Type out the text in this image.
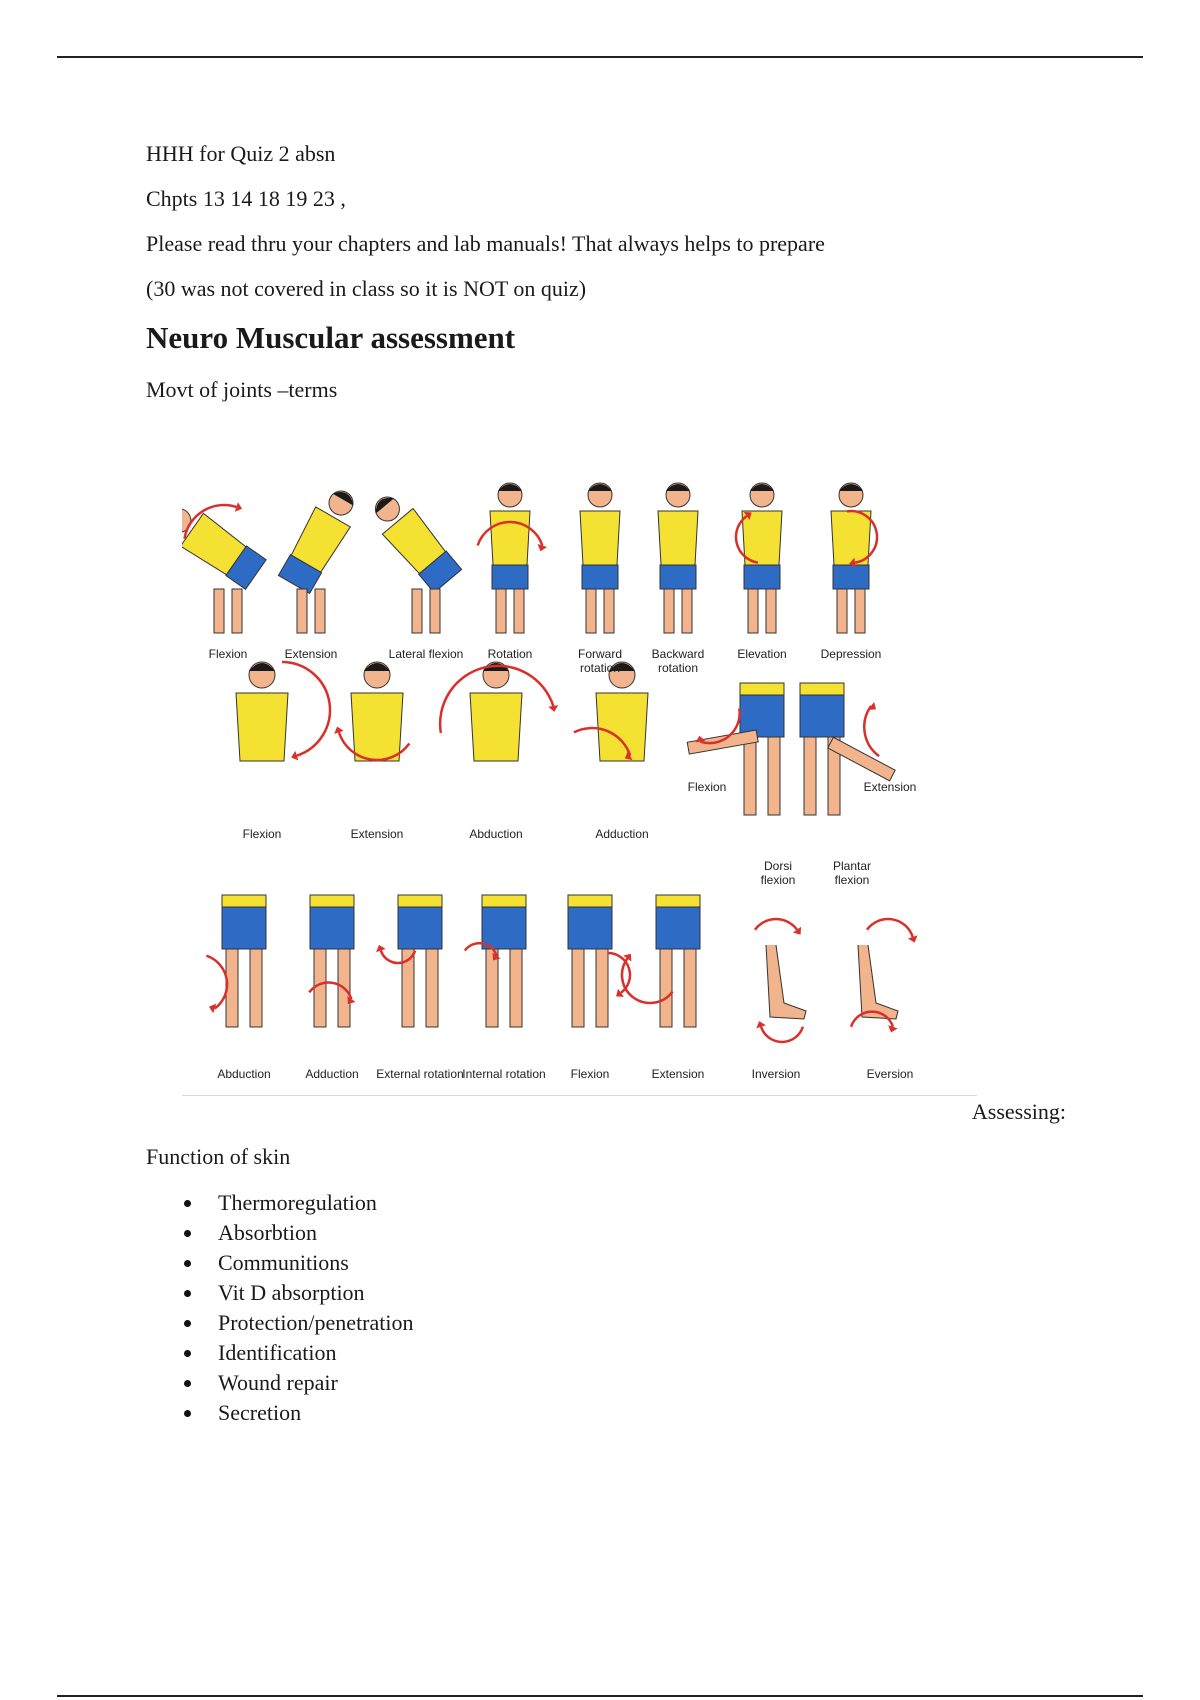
HHH for Quiz 2 absn

Chpts 13 14 18 19 23 ,

Please read thru your chapters and lab manuals! That always helps to prepare

(30 was not covered in class so it is NOT on quiz)

Neuro Muscular assessment

Movt of joints –terms

Flexion	Extension	Lateral flexion	Rotation	Forward
rotation
Backward
rotation
Elevation	Depression
Flexion	Extension	Abduction	Adduction
Flexion	Extension
Abduction	Adduction	External rotation
Internal rotation	Flexion	Extension
Dorsi
flexion
Plantar
flexion
Inversion	Eversion
Assessing:
Function of skin
Thermoregulation
Absorbtion
Communitions
Vit D absorption
Protection/penetration
Identification
Wound repair
Secretion
